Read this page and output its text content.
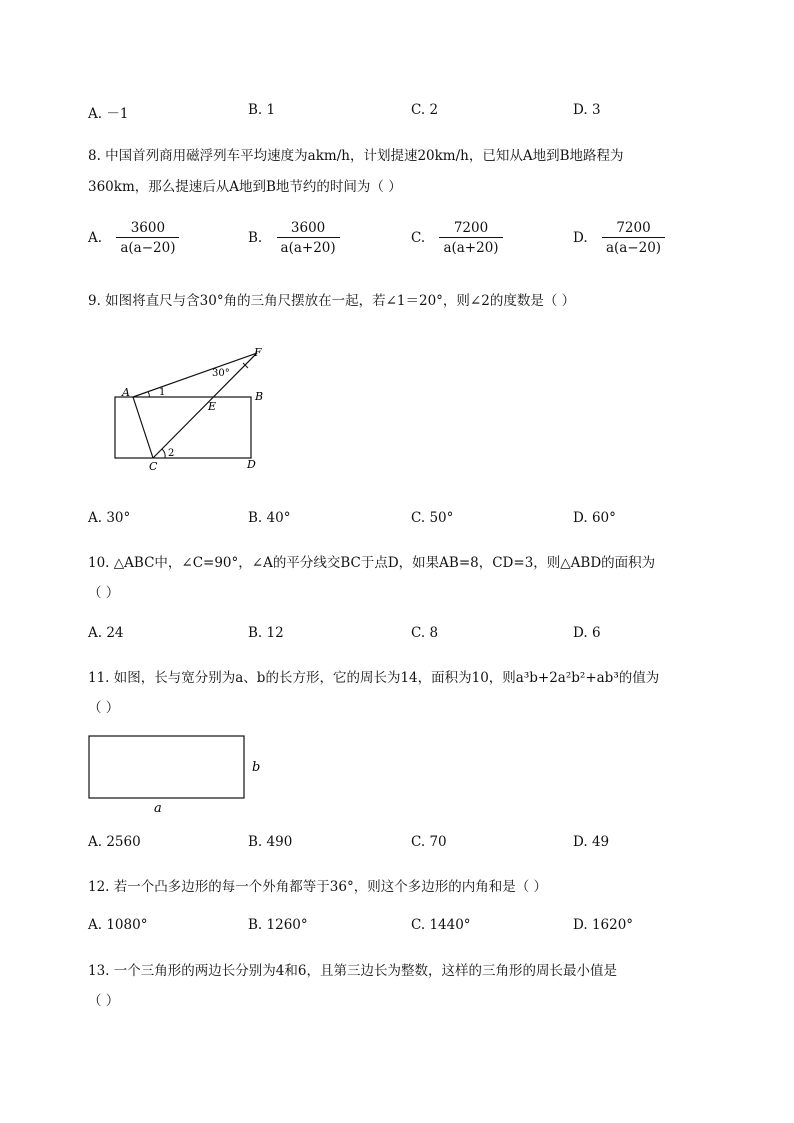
A. －1	B. 1	C. 2	D. 3
8. 中国首列商用磁浮列车平均速度为akm/h，计划提速20km/h，已知从A地到B地路程为
360km，那么提速后从A地到B地节约的时间为（ ）
A. $\frac{3600}{a(a-20)}$	B. $\frac{3600}{a(a+20)}$	C. $\frac{7200}{a(a+20)}$	D. $\frac{7200}{a(a-20)}$
9. 如图将直尺与含30°角的三角尺摆放在一起，若∠1＝20°，则∠2的度数是（ ）
A	B
C	D
E
F
1
2
30°
A. 30°	B. 40°	C. 50°	D. 60°
10. △ABC中，∠C=90°，∠A的平分线交BC于点D，如果AB=8，CD=3，则△ABD的面积为
（ ）
A. 24	B. 12	C. 8	D. 6
11. 如图，长与宽分别为a、b的长方形，它的周长为14，面积为10，则a³b+2a²b²+ab³的值为
（ ）
a
b
A. 2560	B. 490	C. 70	D. 49
12. 若一个凸多边形的每一个外角都等于36°，则这个多边形的内角和是（ ）
A. 1080°	B. 1260°	C. 1440°	D. 1620°
13. 一个三角形的两边长分别为4和6，且第三边长为整数，这样的三角形的周长最小值是
（ ）
